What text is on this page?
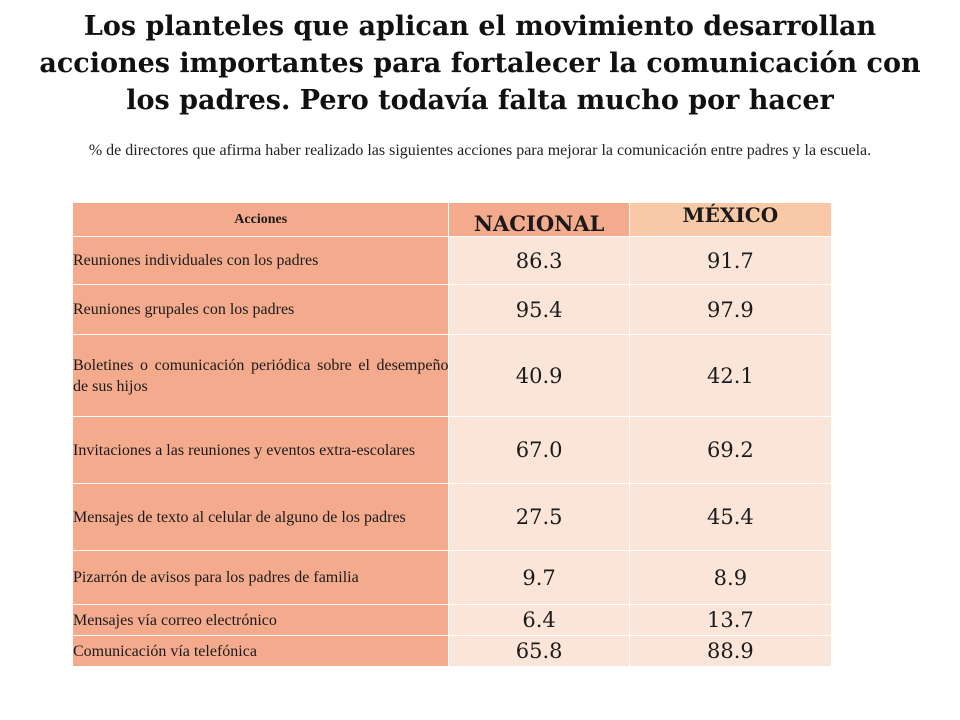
Los planteles que aplican el movimiento desarrollan acciones importantes para fortalecer la comunicación con los padres. Pero todavía falta mucho por hacer

% de directores que afirma haber realizado las siguientes acciones para mejorar la comunicación entre padres y la escuela.

Acciones	NACIONAL	MÉXICO
Reuniones individuales con los padres	86.3	91.7
Reuniones grupales con los padres	95.4	97.9
Boletines o comunicación periódica sobre el desempeño de sus hijos	40.9	42.1
Invitaciones a las reuniones y eventos extra-escolares	67.0	69.2
Mensajes de texto al celular de alguno de los padres	27.5	45.4
Pizarrón de avisos para los padres de familia	9.7	8.9
Mensajes vía correo electrónico	6.4	13.7
Comunicación vía telefónica	65.8	88.9
